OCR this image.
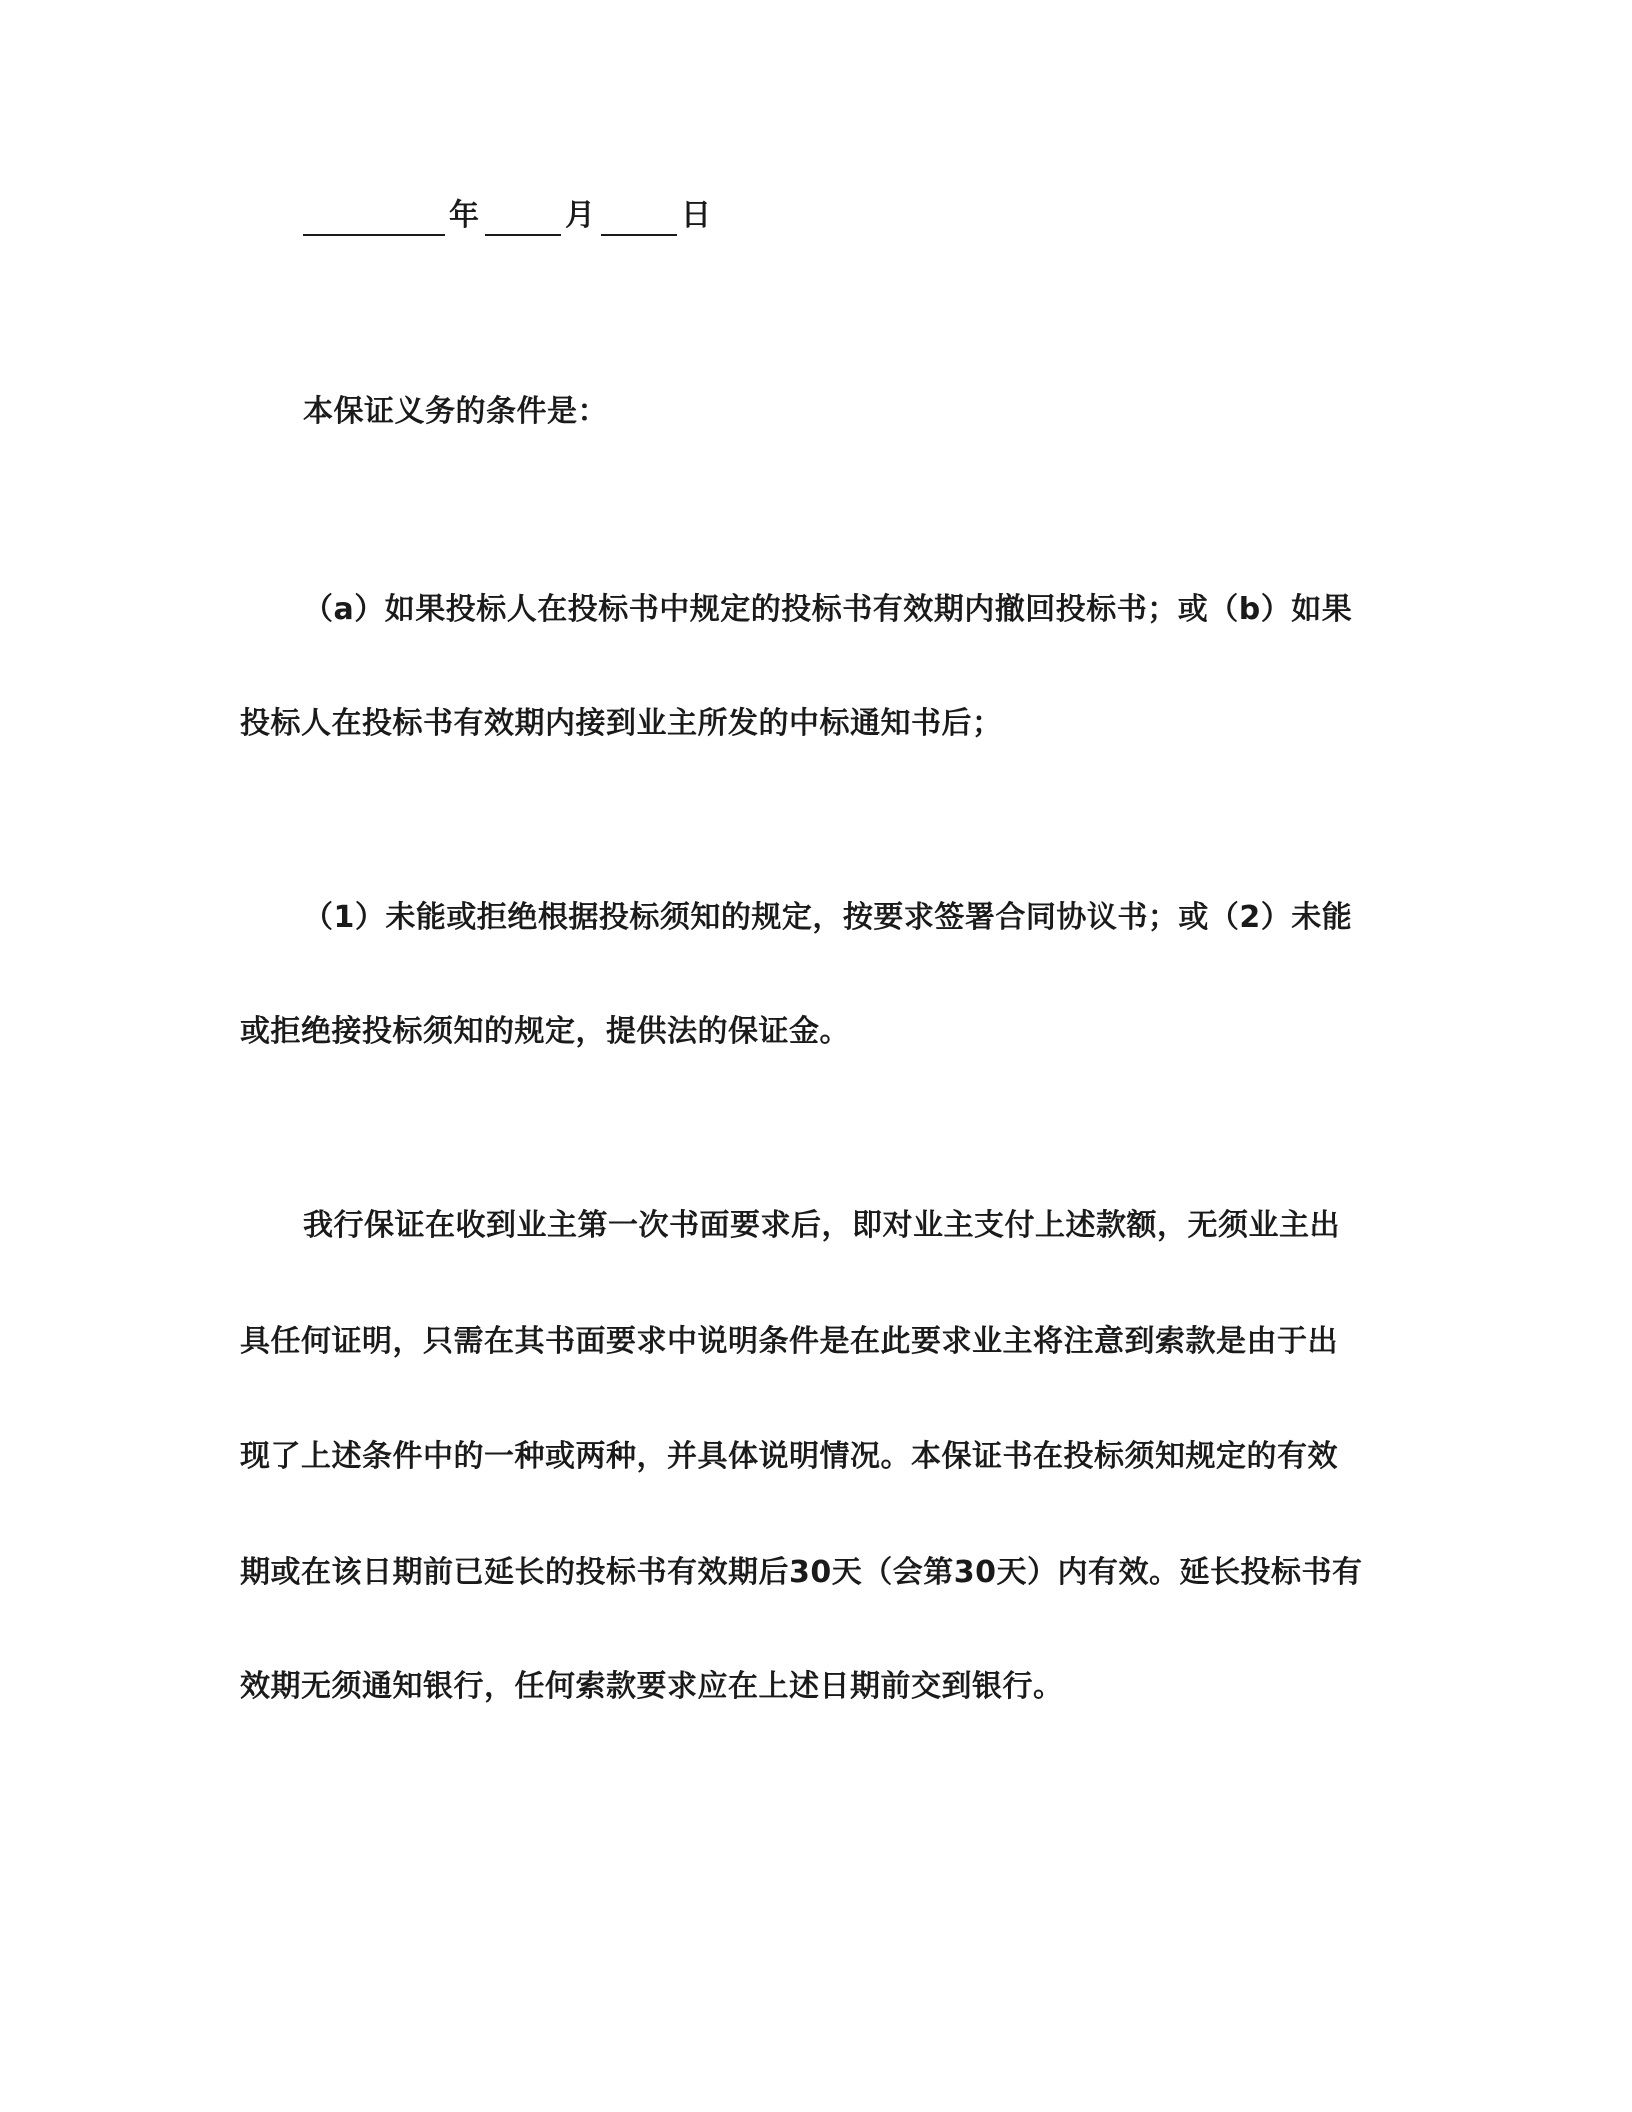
年	月	日
本保证义务的条件是：
（a）如果投标人在投标书中规定的投标书有效期内撤回投标书；或（b）如果
投标人在投标书有效期内接到业主所发的中标通知书后；
（1）未能或拒绝根据投标须知的规定，按要求签署合同协议书；或（2）未能
或拒绝接投标须知的规定，提供法的保证金。
我行保证在收到业主第一次书面要求后，即对业主支付上述款额，无须业主出
具任何证明，只需在其书面要求中说明条件是在此要求业主将注意到索款是由于出
现了上述条件中的一种或两种，并具体说明情况。本保证书在投标须知规定的有效
期或在该日期前已延长的投标书有效期后30天（会第30天）内有效。延长投标书有
效期无须通知银行，任何索款要求应在上述日期前交到银行。
